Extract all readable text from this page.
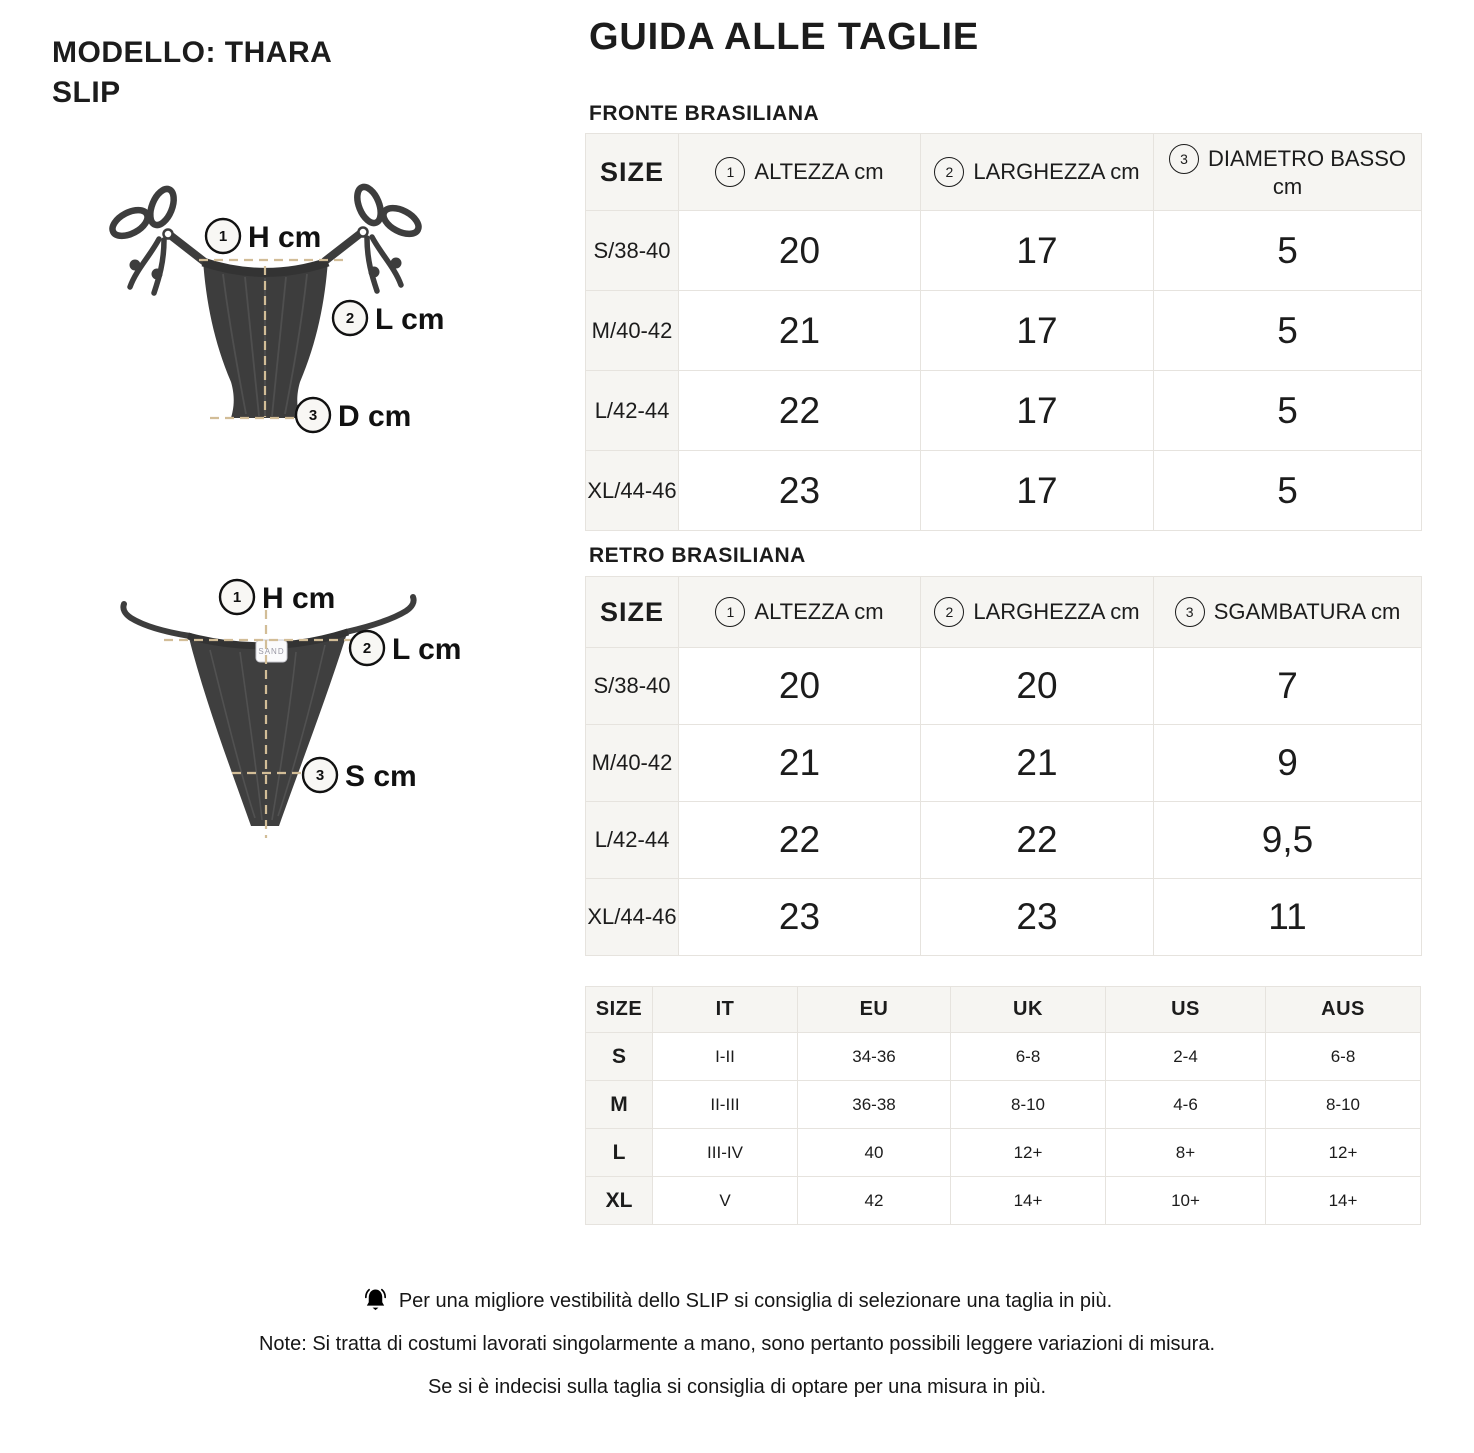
MODELLO: THARA
SLIP
GUIDA ALLE TAGLIE
1 H cm
2 L cm
3 D cm
SAND
1 H cm
2 L cm
3 S cm
FRONTE BRASILIANA
SIZE	1 ALTEZZA cm	2 LARGHEZZA cm	3 DIAMETRO BASSO cm
S/38-40	20	17	5
M/40-42	21	17	5
L/42-44	22	17	5
XL/44-46	23	17	5
RETRO BRASILIANA
SIZE	1 ALTEZZA cm	2 LARGHEZZA cm	3 SGAMBATURA cm
S/38-40	20	20	7
M/40-42	21	21	9
L/42-44	22	22	9,5
XL/44-46	23	23	11
SIZE	IT	EU	UK	US	AUS
S	I-II	34-36	6-8	2-4	6-8
M	II-III	36-38	8-10	4-6	8-10
L	III-IV	40	12+	8+	12+
XL	V	42	14+	10+	14+

Per una migliore vestibilità dello SLIP si consiglia di selezionare una taglia in più.

Note: Si tratta di costumi lavorati singolarmente a mano, sono pertanto possibili leggere variazioni di misura.

Se si è indecisi sulla taglia si consiglia di optare per una misura in più.
